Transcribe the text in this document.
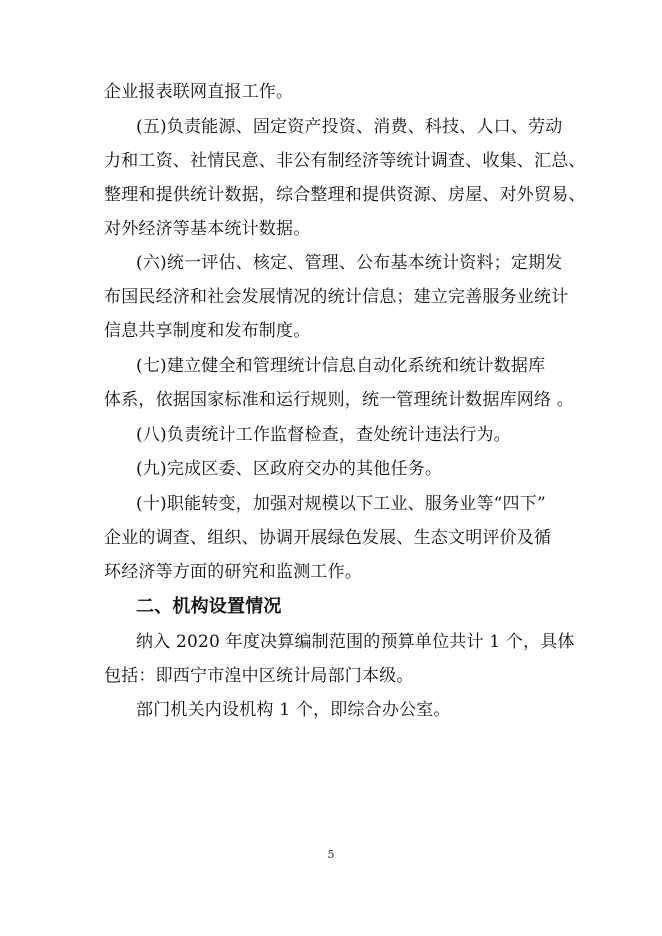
企业报表联网直报工作。
(五)负责能源、固定资产投资、消费、科技、人口、劳动
力和工资、社情民意、非公有制经济等统计调查、收集、汇总、
整理和提供统计数据，综合整理和提供资源、房屋、对外贸易、
对外经济等基本统计数据。
(六)统一评估、核定、管理、公布基本统计资料；定期发
布国民经济和社会发展情况的统计信息；建立完善服务业统计
信息共享制度和发布制度。
(七)建立健全和管理统计信息自动化系统和统计数据库
体系，依据国家标准和运行规则，统一管理统计数据库网络 。
(八)负责统计工作监督检查，查处统计违法行为。
(九)完成区委、区政府交办的其他任务。
(十)职能转变，加强对规模以下工业、服务业等“四下”
企业的调查、组织、协调开展绿色发展、生态文明评价及循
环经济等方面的研究和监测工作。
二、机构设置情况
纳入 2020 年度决算编制范围的预算单位共计 1 个，具体
包括：即西宁市湟中区统计局部门本级。
部门机关内设机构 1 个，即综合办公室。
5
